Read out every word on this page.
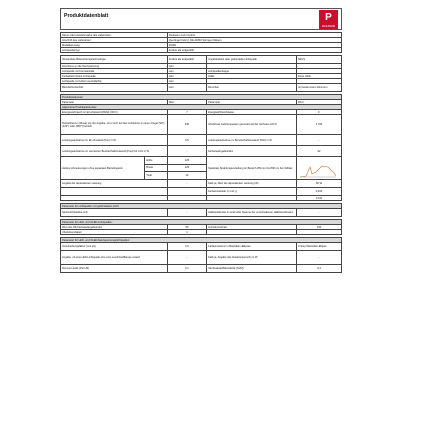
Produktdatenblatt	P
PAULMANN
Name oder Handelsmarke des Lieferanten:	Paulmann Licht GmbH
Anschrift des Lieferanten:	Quezinger Feld 2, DE-31832 Springe-Völksen
Modellkennung:	29182
Lichtquellentyp:	Andere als aufgezählt
Verwendete Beleuchtungstechnologie:	Andere als aufgezählt	Ungebündelte oder gebündelte Lichtquelle	NDLS
Anschluss an die Netzspannung	nein		
Lichtquelle mit Konnektivität	nein	Lichtquellenkappe	
Farbabstimmbare Lichtquelle:	nein	Hülle:	keine Hülle
Lichtquelle mit hoher Leuchtdichte:	nein		
Blendschutzschild:	nein	Dimmbar:	mit bestimmtem Dimmern
Produktparameter				
Parameter		Wert	Parameter	Wert
Allgemeine Produktparameter:				
Energieverbrauch im Ein-Zustand (kWh/1 000 h)		7	Energieeffizienzklasse	F
Nutzlichtstrom (Φuse) mit der Angabe, ob er sich auf den Lichtstrom in einem Kegel (90°), (120°) oder (360°) bezieht		640	Ähnlichste Farbtemperatur gerundet auf die nächsten 100 K	2 700
Leistungsaufnahme im Ein-Zustand (Pon) in W		6,5	Leistungsaufnahme im Bereitschaftszustand (Psb) in W	-
Leistungsaufnahme im vernetzten Bereitschaftszustand (Pnet) für CLS in W		-	Farbwiedergabeindex	92
Äußere Abmessungen ohne separates Betriebsgerät	Höhe	125	Spektrale Strahlungsverteilung im Bereich 250 nm bis 800 nm bei Volllast	

	Breite	125		
	Tiefe	13		
Angabe der äquivalenten Leistung		-	Falls ja, Wert der äquivalenten Leistung (W)	50 W
			Farbwertanteile (x und y)	0,460
				0,411
Parameter für Lichtquellen mit gebündeltem Licht:
Spitzenlichtstärke (cd)	-	Halbwertsbreite in Grad oder Spanne der verschiedenen Halbwertsbreiten	-
Parameter für LED- und OLED-Lichtquellen:			
Wert des R9-Farbwiedergabeindex	60	Lichtstromerhalt	100
Überlebensfaktor	1		
Parameter für LED- und OLED-Netzspannungslichtquellen:			
Verschiebungsfaktor (cos φ1)	0,9	Farbkonsistenz in MacAdam-Ellipsen	3-Step MacAdam-Ellipse
Angabe, ob eine LED-Lichtquelle eine eine Leuchtstofflampe ersetzt	-	Falls ja, Angabe des Ersatzanspruchs in W	-
Flimmermetrik (Pst LM)	0,1	Stroboskopeffekt-Metrik (SVM)	0,4
